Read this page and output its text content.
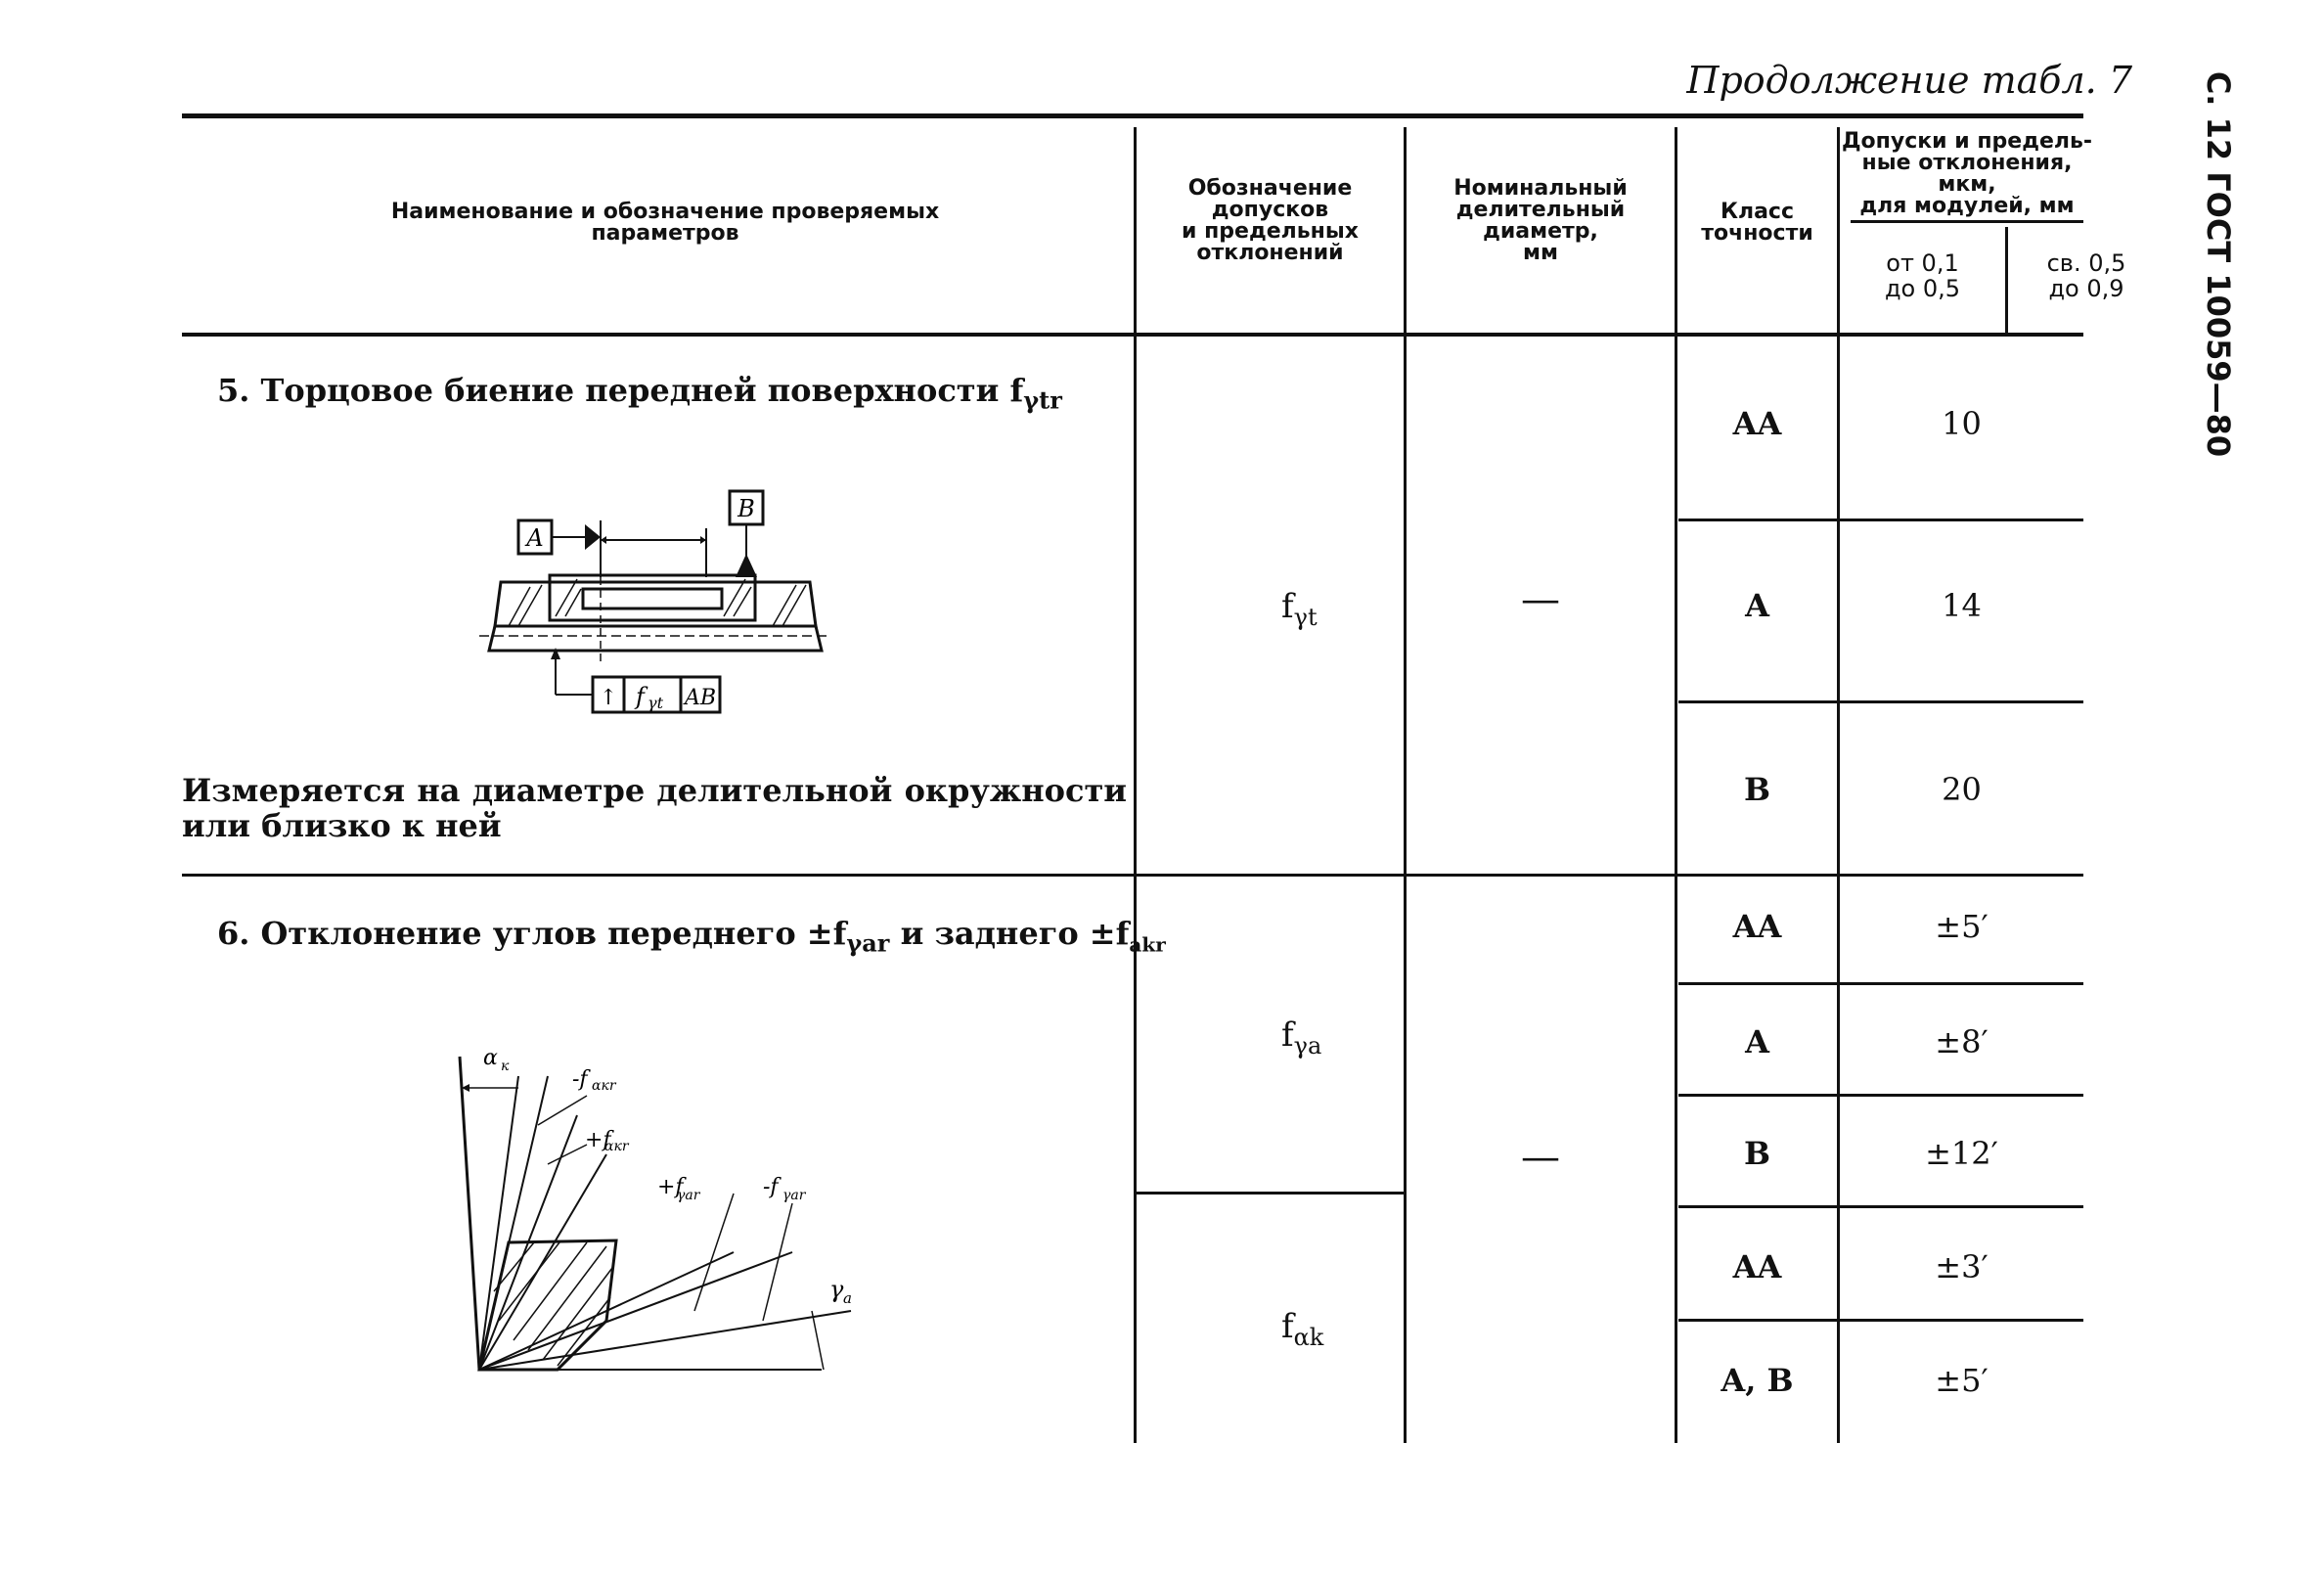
Продолжение табл. 7 С. 12 ГОСТ 10059—80
Наименование и обозначение проверяемых
параметров
Обозначение
допусков
и предельных
отклонений
Номинальный
делительный
диаметр,
мм
Класс
точности
Допуски и предель-
ные отклонения, мкм,
для модулей, мм
от 0,1
до 0,5
св. 0,5
до 0,9
5. Торцовое биение передней поверхности $f_{\gamma tr}$
A
B
↑ f γt AB
Измеряется на диаметре делительной окружности или близко к ней
$f_{\gamma t}$	—
AA	10
A	14
B	20
6. Отклонение углов переднего $\pm f_{\gamma ar}$ и заднего $\pm f_{akr}$
α к
-f αкr
+f
αкr
+f
γar	-f γar
γ a
$f_{\gamma a}$
$f_{\alpha k}$
—
AA	±5′
A	±8′
B	±12′
AA	±3′
A, B	±5′
